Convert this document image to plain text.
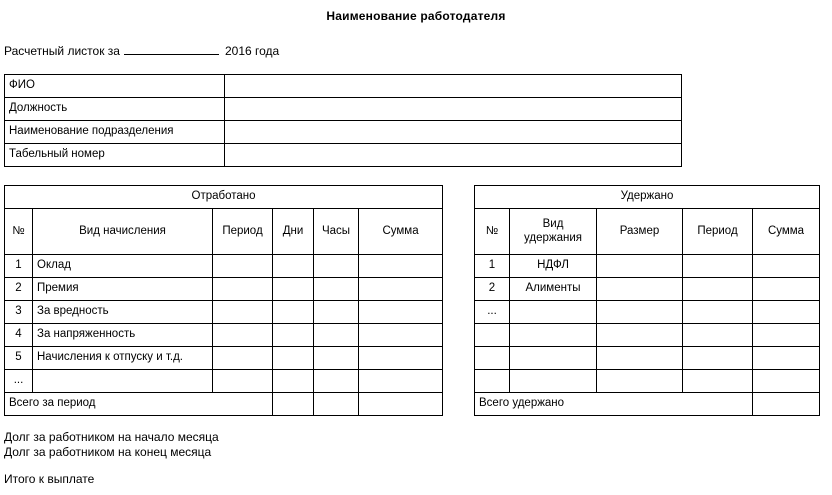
Наименование работодателя
Расчетный листок за	2016 года
ФИО	
Должность	
Наименование подразделения	
Табельный номер	
Отработано					
№	Вид начисления	Период	Дни	Часы	Сумма
1	Оклад				
2	Премия				
3	За вредность				
4	За напряженность				
5	Начисления к отпуску и т.д.				
...					
Всего за период					
Удержано				
№	Вид удержания	Размер	Период	Сумма
1	НДФЛ			
2	Алименты			
...				

Всего удержано				
Долг за работником на начало месяца
Долг за работником на конец месяца
Итого к выплате
